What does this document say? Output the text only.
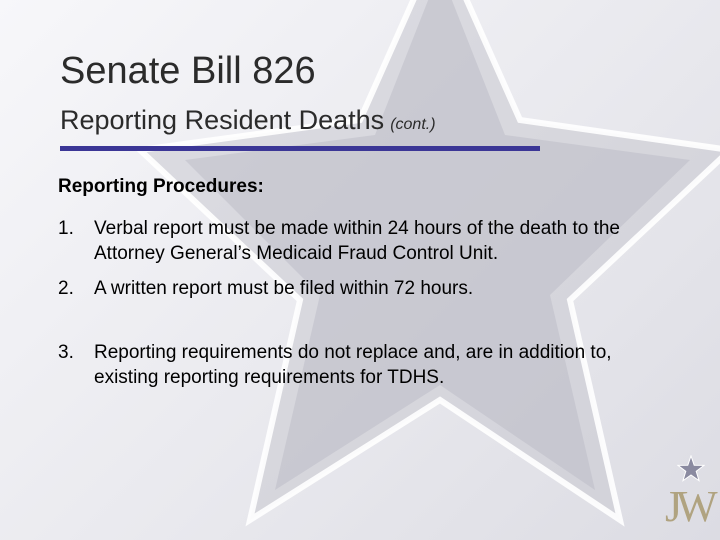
Senate Bill 826
Reporting Resident Deaths (cont.)

Reporting Procedures:

1. Verbal report must be made within 24 hours of the death to the Attorney General’s Medicaid Fraud Control Unit.
2. A written report must be filed within 72 hours.
3. Reporting requirements do not replace and, are in addition to, existing reporting requirements for TDHS.
JW
